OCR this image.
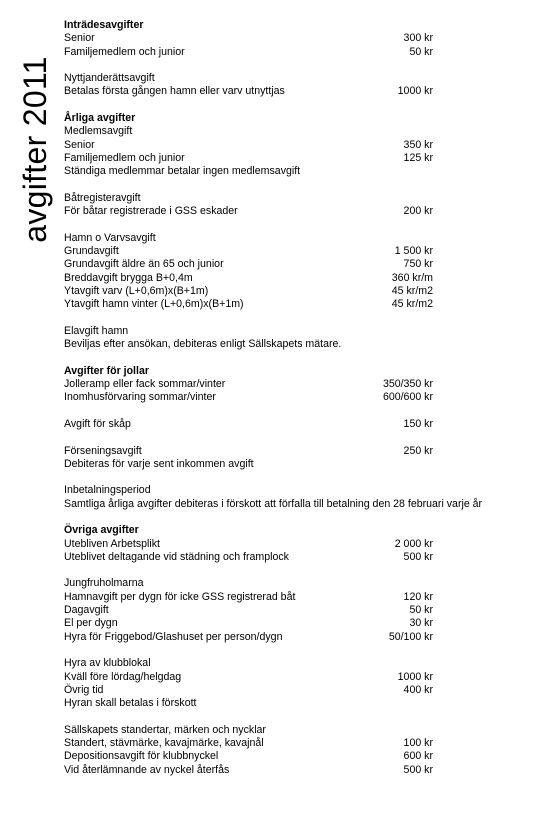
avgifter 2011
Inträdesavgifter
Senior	300 kr
Familjemedlem och junior	50 kr
Nyttjanderättsavgift
Betalas första gången hamn eller varv utnyttjas	1000 kr
Årliga avgifter
Medlemsavgift
Senior	350 kr
Familjemedlem och junior	125 kr
Ständiga medlemmar betalar ingen medlemsavgift
Båtregisteravgift
För båtar registrerade i GSS eskader	200 kr
Hamn o Varvsavgift
Grundavgift	1 500 kr
Grundavgift äldre än 65 och junior	750 kr
Breddavgift brygga B+0,4m	360 kr/m
Ytavgift varv (L+0,6m)x(B+1m)	45 kr/m2
Ytavgift hamn vinter (L+0,6m)x(B+1m)	45 kr/m2
Elavgift hamn
Beviljas efter ansökan, debiteras enligt Sällskapets mätare.
Avgifter för jollar
Jolleramp eller fack sommar/vinter	350/350 kr
Inomhusförvaring sommar/vinter	600/600 kr
Avgift för skåp	150 kr
Förseningsavgift	250 kr
Debiteras för varje sent inkommen avgift
Inbetalningsperiod
Samtliga årliga avgifter debiteras i förskott att förfalla till betalning den 28 februari varje år
Övriga avgifter
Utebliven Arbetsplikt	2 000 kr
Uteblivet deltagande vid städning och framplock	500 kr
Jungfruholmarna
Hamnavgift per dygn för icke GSS registrerad båt	120 kr
Dagavgift	50 kr
El per dygn	30 kr
Hyra för Friggebod/Glashuset per person/dygn	50/100 kr
Hyra av klubblokal
Kväll före lördag/helgdag	1000 kr
Övrig tid	400 kr
Hyran skall betalas i förskott
Sällskapets standertar, märken och nycklar
Standert, stävmärke, kavajmärke, kavajnål	100 kr
Depositionsavgift för klubbnyckel	600 kr
Vid återlämnande av nyckel återfås	500 kr
